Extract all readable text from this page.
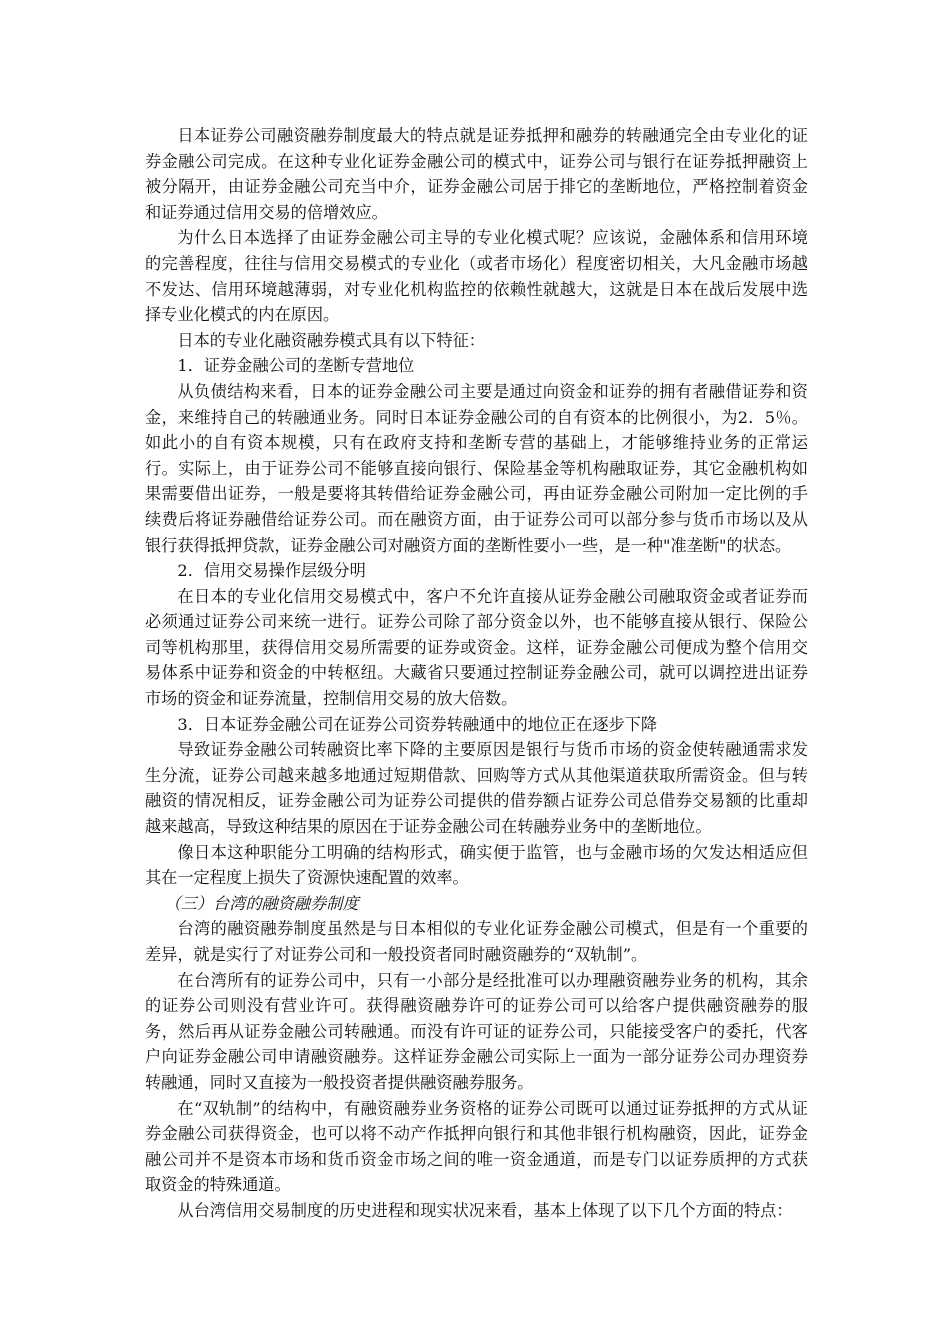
日本证券公司融资融券制度最大的特点就是证券抵押和融券的转融通完全由专业化的证券金融公司完成。在这种专业化证券金融公司的模式中，证券公司与银行在证券抵押融资上被分隔开，由证券金融公司充当中介，证券金融公司居于排它的垄断地位，严格控制着资金和证券通过信用交易的倍增效应。

为什么日本选择了由证券金融公司主导的专业化模式呢？应该说，金融体系和信用环境的完善程度，往往与信用交易模式的专业化（或者市场化）程度密切相关，大凡金融市场越不发达、信用环境越薄弱，对专业化机构监控的依赖性就越大，这就是日本在战后发展中选择专业化模式的内在原因。

日本的专业化融资融券模式具有以下特征：

1．证券金融公司的垄断专营地位

从负债结构来看，日本的证券金融公司主要是通过向资金和证券的拥有者融借证券和资金，来维持自己的转融通业务。同时日本证券金融公司的自有资本的比例很小，为2．5％。如此小的自有资本规模，只有在政府支持和垄断专营的基础上，才能够维持业务的正常运行。实际上，由于证券公司不能够直接向银行、保险基金等机构融取证券，其它金融机构如果需要借出证券，一般是要将其转借给证券金融公司，再由证券金融公司附加一定比例的手续费后将证券融借给证券公司。而在融资方面，由于证券公司可以部分参与货币市场以及从银行获得抵押贷款，证券金融公司对融资方面的垄断性要小一些，是一种"准垄断"的状态。

2．信用交易操作层级分明

在日本的专业化信用交易模式中，客户不允许直接从证券金融公司融取资金或者证券而必须通过证券公司来统一进行。证券公司除了部分资金以外，也不能够直接从银行、保险公司等机构那里，获得信用交易所需要的证券或资金。这样，证券金融公司便成为整个信用交易体系中证券和资金的中转枢纽。大藏省只要通过控制证券金融公司，就可以调控进出证券市场的资金和证券流量，控制信用交易的放大倍数。

3．日本证券金融公司在证券公司资券转融通中的地位正在逐步下降

导致证券金融公司转融资比率下降的主要原因是银行与货币市场的资金使转融通需求发生分流，证券公司越来越多地通过短期借款、回购等方式从其他渠道获取所需资金。但与转融资的情况相反，证券金融公司为证券公司提供的借券额占证券公司总借券交易额的比重却越来越高，导致这种结果的原因在于证券金融公司在转融券业务中的垄断地位。

像日本这种职能分工明确的结构形式，确实便于监管，也与金融市场的欠发达相适应但其在一定程度上损失了资源快速配置的效率。

（三）台湾的融资融券制度

台湾的融资融券制度虽然是与日本相似的专业化证券金融公司模式，但是有一个重要的差异，就是实行了对证券公司和一般投资者同时融资融券的“双轨制”。

在台湾所有的证券公司中，只有一小部分是经批准可以办理融资融券业务的机构，其余的证券公司则没有营业许可。获得融资融券许可的证券公司可以给客户提供融资融券的服务，然后再从证券金融公司转融通。而没有许可证的证券公司，只能接受客户的委托，代客户向证券金融公司申请融资融券。这样证券金融公司实际上一面为一部分证券公司办理资券转融通，同时又直接为一般投资者提供融资融券服务。

在“双轨制”的结构中，有融资融券业务资格的证券公司既可以通过证券抵押的方式从证券金融公司获得资金，也可以将不动产作抵押向银行和其他非银行机构融资，因此，证券金融公司并不是资本市场和货币资金市场之间的唯一资金通道，而是专门以证券质押的方式获取资金的特殊通道。

从台湾信用交易制度的历史进程和现实状况来看，基本上体现了以下几个方面的特点：
